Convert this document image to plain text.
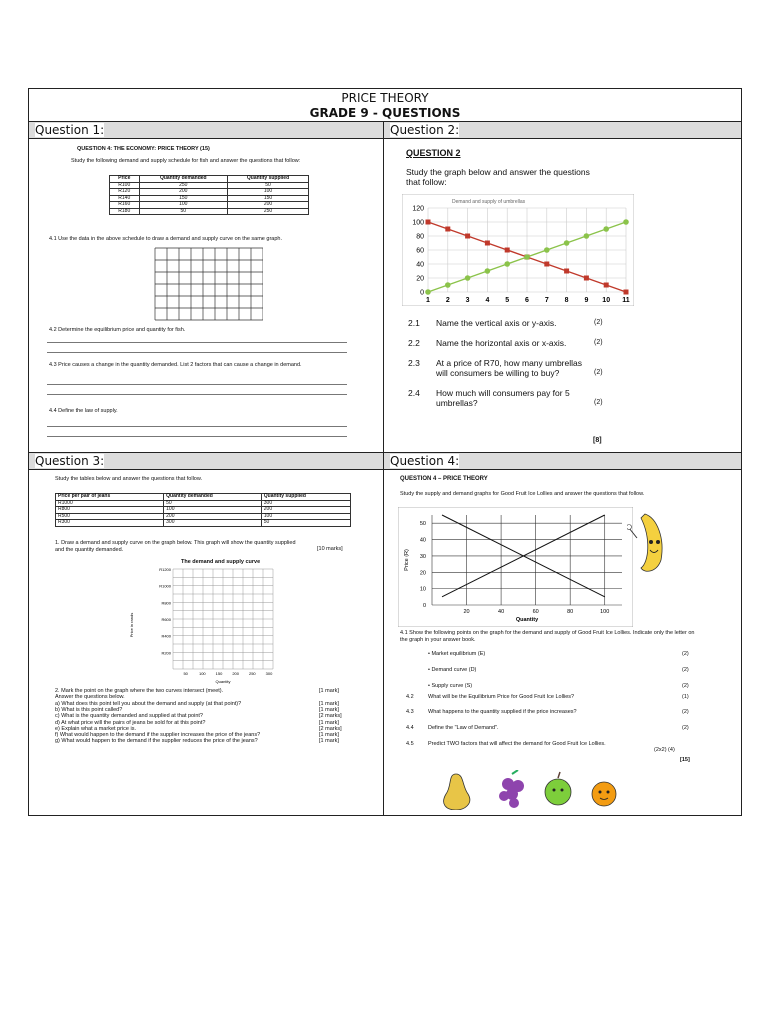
PRICE THEORY
GRADE 9 - QUESTIONS
Question 1:
QUESTION 4: THE ECONOMY: PRICE THEORY (15)
Study the following demand and supply schedule for fish and answer the questions that follow:
Price	Quantity demanded	Quantity supplied
R100	250	50
R120	200	100
R140	150	150
R160	100	200
R180	50	250
4.1 Use the data in the above schedule to draw a demand and supply curve on the same graph.
4.2 Determine the equilibrium price and quantity for fish.
4.3 Price causes a change in the quantity demanded. List 2 factors that can cause a change in demand.
4.4 Define the law of supply.
Question 2:
QUESTION 2
Study the graph below and answer the questions that follow:
Demand and supply of umbrellas
0
20
40
60
80
100
120
1 2 3 4 5 6 7 8 9 10 11
2.1 Name the vertical axis or y-axis.	(2)
2.2 Name the horizontal axis or x-axis.	(2)
2.3 At a price of R70, how many umbrellas will consumers be willing to buy?	(2)
2.4 How much will consumers pay for 5 umbrellas?	(2)
[8]
Question 3:
Study the tables below and answer the questions that follow.
Price per pair of jeans	Quantity demanded	Quantity supplied
R1000	50	300
R800	100	200
R500	200	100
R300	300	50
1. Draw a demand and supply curve on the graph below. This graph will show the quantity supplied and the quantity demanded.	[10 marks]
The demand and supply curve
R1200
R1000
R800
R600
R400
R200
50	100 150 200 250 300
Price in rands
Quantity
2. Mark the point on the graph where the two curves intersect (meet).	[1 mark]
Answer the questions below.
a) What does this point tell you about the demand and supply (at that point)?	[1 mark]
b) What is this point called?	[1 mark]
c) What is the quantity demanded and supplied at that point?	[2 marks]
d) At what price will the pairs of jeans be sold for at this point?	[1 mark]
e) Explain what a market price is.	[2 marks]
f) What would happen to the demand if the supplier increases the price of the jeans?	[1 mark]
g) What would happen to the demand if the supplier reduces the price of the jeans?	[1 mark]
Question 4:
QUESTION 4 – PRICE THEORY
Study the supply and demand graphs for Good Fruit Ice Lollies and answer the questions that follow.
50
40
30
20
10
0
20	40	60	80	100
Price (R)
Quantity
4.1 Show the following points on the graph for the demand and supply of Good Fruit Ice Lollies. Indicate only the letter on the graph in your answer book.
• Market equilibrium (E)	(2)
• Demand curve (D)	(2)
• Supply curve (S)	(2)
4.2	What will be the Equilibrium Price for Good Fruit Ice Lollies?	(1)
4.3	What happens to the quantity supplied if the price increases?	(2)
4.4	Define the "Law of Demand".	(2)
4.5	Predict TWO factors that will affect the demand for Good Fruit Ice Lollies.
(2x2) (4)
[15]
